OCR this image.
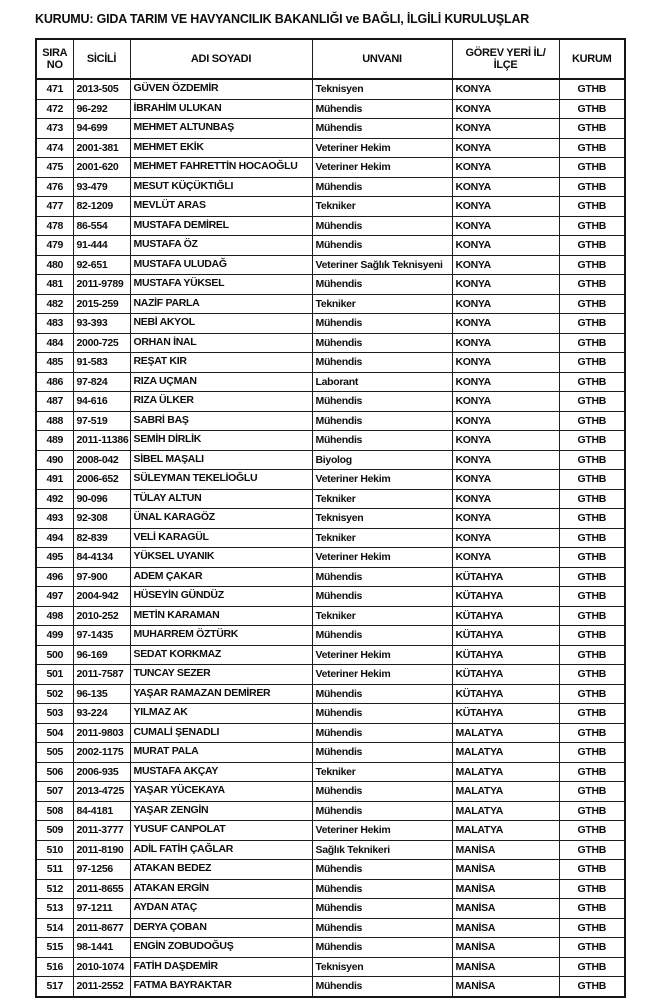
KURUMU: GIDA TARIM VE HAVYANCILIK BAKANLIĞI ve BAĞLI, İLGİLİ KURULUŞLAR
SIRA NO	SİCİLİ	ADI SOYADI	UNVANI	GÖREV YERİ İL/İLÇE	KURUM
471	2013-505	GÜVEN ÖZDEMİR	Teknisyen	KONYA	GTHB
472	96-292	İBRAHİM ULUKAN	Mühendis	KONYA	GTHB
473	94-699	MEHMET ALTUNBAŞ	Mühendis	KONYA	GTHB
474	2001-381	MEHMET EKİK	Veteriner Hekim	KONYA	GTHB
475	2001-620	MEHMET FAHRETTİN HOCAOĞLU	Veteriner Hekim	KONYA	GTHB
476	93-479	MESUT KÜÇÜKTIĞLI	Mühendis	KONYA	GTHB
477	82-1209	MEVLÜT ARAS	Tekniker	KONYA	GTHB
478	86-554	MUSTAFA DEMİREL	Mühendis	KONYA	GTHB
479	91-444	MUSTAFA ÖZ	Mühendis	KONYA	GTHB
480	92-651	MUSTAFA ULUDAĞ	Veteriner Sağlık Teknisyeni	KONYA	GTHB
481	2011-9789	MUSTAFA YÜKSEL	Mühendis	KONYA	GTHB
482	2015-259	NAZİF PARLA	Tekniker	KONYA	GTHB
483	93-393	NEBİ AKYOL	Mühendis	KONYA	GTHB
484	2000-725	ORHAN İNAL	Mühendis	KONYA	GTHB
485	91-583	REŞAT KIR	Mühendis	KONYA	GTHB
486	97-824	RIZA UÇMAN	Laborant	KONYA	GTHB
487	94-616	RIZA ÜLKER	Mühendis	KONYA	GTHB
488	97-519	SABRİ BAŞ	Mühendis	KONYA	GTHB
489	2011-11386	SEMİH DİRLİK	Mühendis	KONYA	GTHB
490	2008-042	SİBEL MAŞALI	Biyolog	KONYA	GTHB
491	2006-652	SÜLEYMAN TEKELİOĞLU	Veteriner Hekim	KONYA	GTHB
492	90-096	TÜLAY ALTUN	Tekniker	KONYA	GTHB
493	92-308	ÜNAL KARAGÖZ	Teknisyen	KONYA	GTHB
494	82-839	VELİ KARAGÜL	Tekniker	KONYA	GTHB
495	84-4134	YÜKSEL UYANIK	Veteriner Hekim	KONYA	GTHB
496	97-900	ADEM ÇAKAR	Mühendis	KÜTAHYA	GTHB
497	2004-942	HÜSEYİN GÜNDÜZ	Mühendis	KÜTAHYA	GTHB
498	2010-252	METİN KARAMAN	Tekniker	KÜTAHYA	GTHB
499	97-1435	MUHARREM ÖZTÜRK	Mühendis	KÜTAHYA	GTHB
500	96-169	SEDAT KORKMAZ	Veteriner Hekim	KÜTAHYA	GTHB
501	2011-7587	TUNCAY SEZER	Veteriner Hekim	KÜTAHYA	GTHB
502	96-135	YAŞAR RAMAZAN DEMİRER	Mühendis	KÜTAHYA	GTHB
503	93-224	YILMAZ AK	Mühendis	KÜTAHYA	GTHB
504	2011-9803	CUMALİ ŞENADLI	Mühendis	MALATYA	GTHB
505	2002-1175	MURAT PALA	Mühendis	MALATYA	GTHB
506	2006-935	MUSTAFA AKÇAY	Tekniker	MALATYA	GTHB
507	2013-4725	YAŞAR YÜCEKAYA	Mühendis	MALATYA	GTHB
508	84-4181	YAŞAR ZENGİN	Mühendis	MALATYA	GTHB
509	2011-3777	YUSUF CANPOLAT	Veteriner Hekim	MALATYA	GTHB
510	2011-8190	ADİL FATİH ÇAĞLAR	Sağlık Teknikeri	MANİSA	GTHB
511	97-1256	ATAKAN BEDEZ	Mühendis	MANİSA	GTHB
512	2011-8655	ATAKAN ERGİN	Mühendis	MANİSA	GTHB
513	97-1211	AYDAN ATAÇ	Mühendis	MANİSA	GTHB
514	2011-8677	DERYA ÇOBAN	Mühendis	MANİSA	GTHB
515	98-1441	ENGİN ZOBUDOĞUŞ	Mühendis	MANİSA	GTHB
516	2010-1074	FATİH DAŞDEMİR	Teknisyen	MANİSA	GTHB
517	2011-2552	FATMA BAYRAKTAR	Mühendis	MANİSA	GTHB
